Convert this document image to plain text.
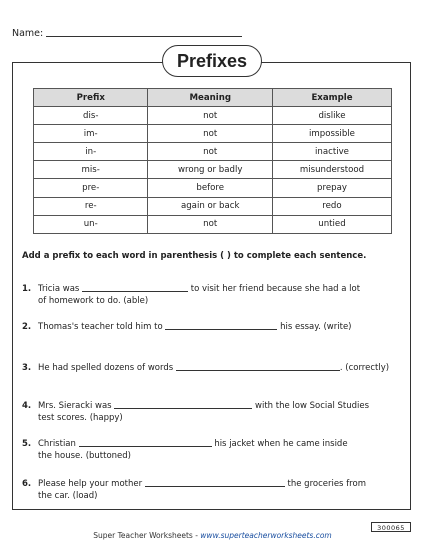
Name:
Prefixes
Prefix	Meaning	Example
dis-	not	dislike
im-	not	impossible
in-	not	inactive
mis-	wrong or badly	misunderstood
pre-	before	prepay
re-	again or back	redo
un-	not	untied
Add a prefix to each word in parenthesis ( ) to complete each sentence.
1. Tricia was	to visit her friend because she had a lot
of homework to do. (able)
2. Thomas's teacher told him to	his essay. (write)
3. He had spelled dozens of words	. (correctly)
4. Mrs. Sieracki was	with the low Social Studies
test scores. (happy)
5. Christian	his jacket when he came inside
the house. (buttoned)
6. Please help your mother	the groceries from
the car. (load)
Super Teacher Worksheets - www.superteacherworksheets.com
300065
